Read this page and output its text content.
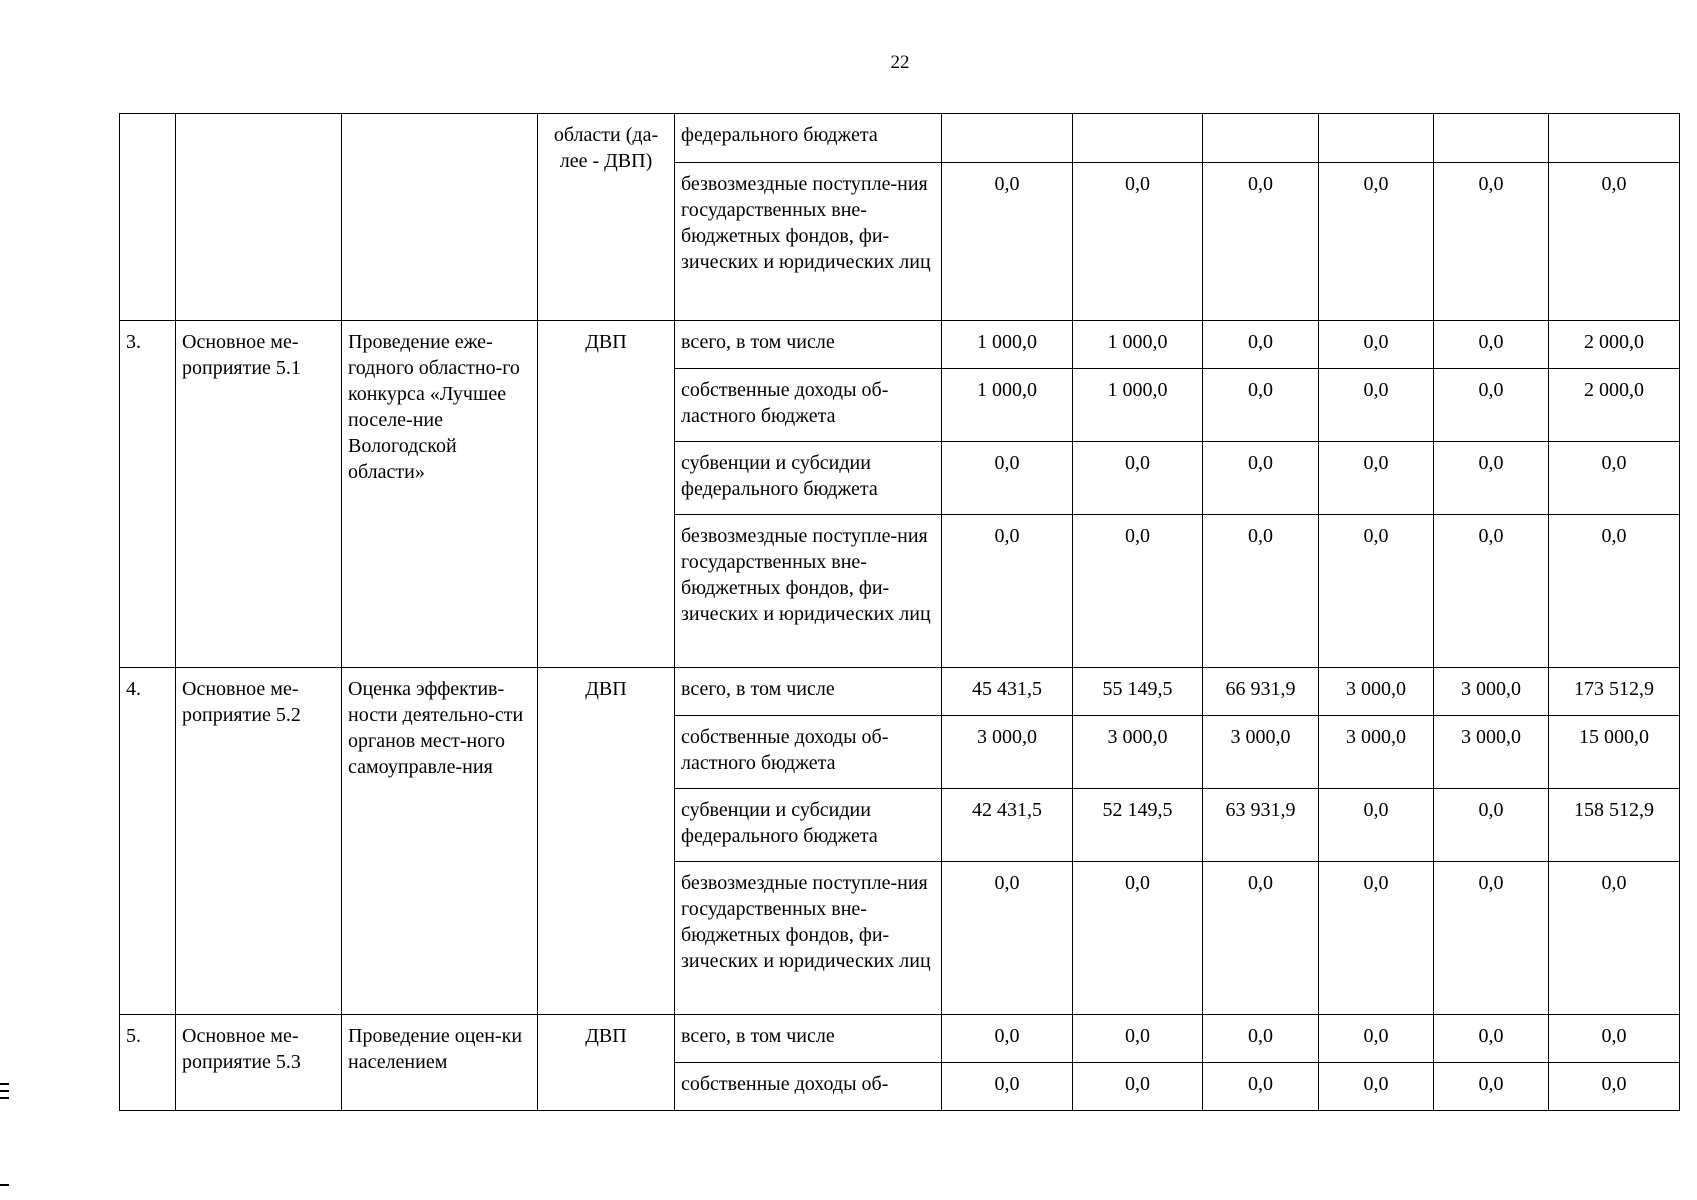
22
			области (да-лее - ДВП)	федерального бюджета						
				безвозмездные поступле-ния государственных вне-бюджетных фондов, фи-зических и юридических лиц	0,0	0,0	0,0	0,0	0,0	0,0
3.	Основное ме-роприятие 5.1	Проведение еже-годного областно-го конкурса «Лучшее поселе-ние Вологодской области»	ДВП	всего, в том числе	1 000,0	1 000,0	0,0	0,0	0,0	2 000,0
				собственные доходы об-ластного бюджета	1 000,0	1 000,0	0,0	0,0	0,0	2 000,0
				субвенции и субсидии федерального бюджета	0,0	0,0	0,0	0,0	0,0	0,0
				безвозмездные поступле-ния государственных вне-бюджетных фондов, фи-зических и юридических лиц	0,0	0,0	0,0	0,0	0,0	0,0
4.	Основное ме-роприятие 5.2	Оценка эффектив-ности деятельно-сти органов мест-ного самоуправле-ния	ДВП	всего, в том числе	45 431,5	55 149,5	66 931,9	3 000,0	3 000,0	173 512,9
				собственные доходы об-ластного бюджета	3 000,0	3 000,0	3 000,0	3 000,0	3 000,0	15 000,0
				субвенции и субсидии федерального бюджета	42 431,5	52 149,5	63 931,9	0,0	0,0	158 512,9
				безвозмездные поступле-ния государственных вне-бюджетных фондов, фи-зических и юридических лиц	0,0	0,0	0,0	0,0	0,0	0,0
5.	Основное ме-роприятие 5.3	Проведение оцен-ки населением	ДВП	всего, в том числе	0,0	0,0	0,0	0,0	0,0	0,0
				собственные доходы об-	0,0	0,0	0,0	0,0	0,0	0,0
